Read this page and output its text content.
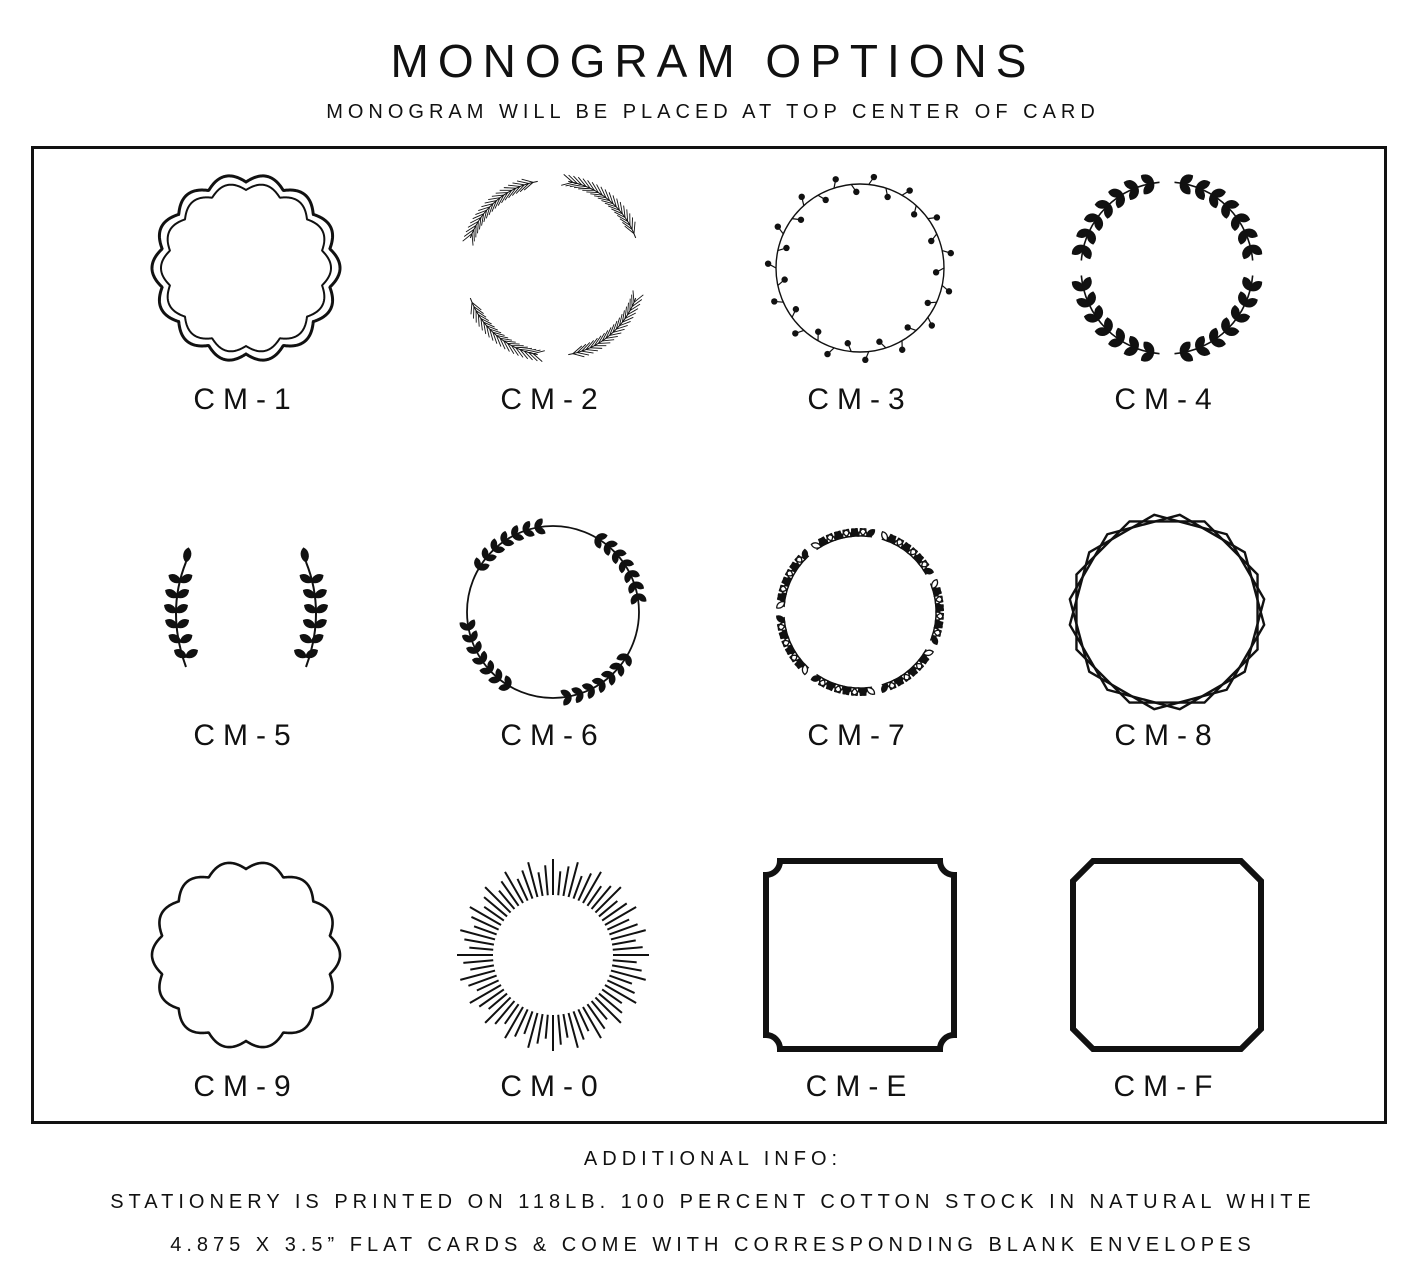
MONOGRAM OPTIONS
MONOGRAM WILL BE PLACED AT TOP CENTER OF CARD
CM-1	CM-2	CM-3	CM-4
CM-5	CM-6	CM-7	CM-8
CM-9	CM-0	CM-E	CM-F
ADDITIONAL INFO:
STATIONERY IS PRINTED ON 118LB. 100 PERCENT COTTON STOCK IN NATURAL WHITE
4.875 X 3.5” FLAT CARDS & COME WITH CORRESPONDING BLANK ENVELOPES
